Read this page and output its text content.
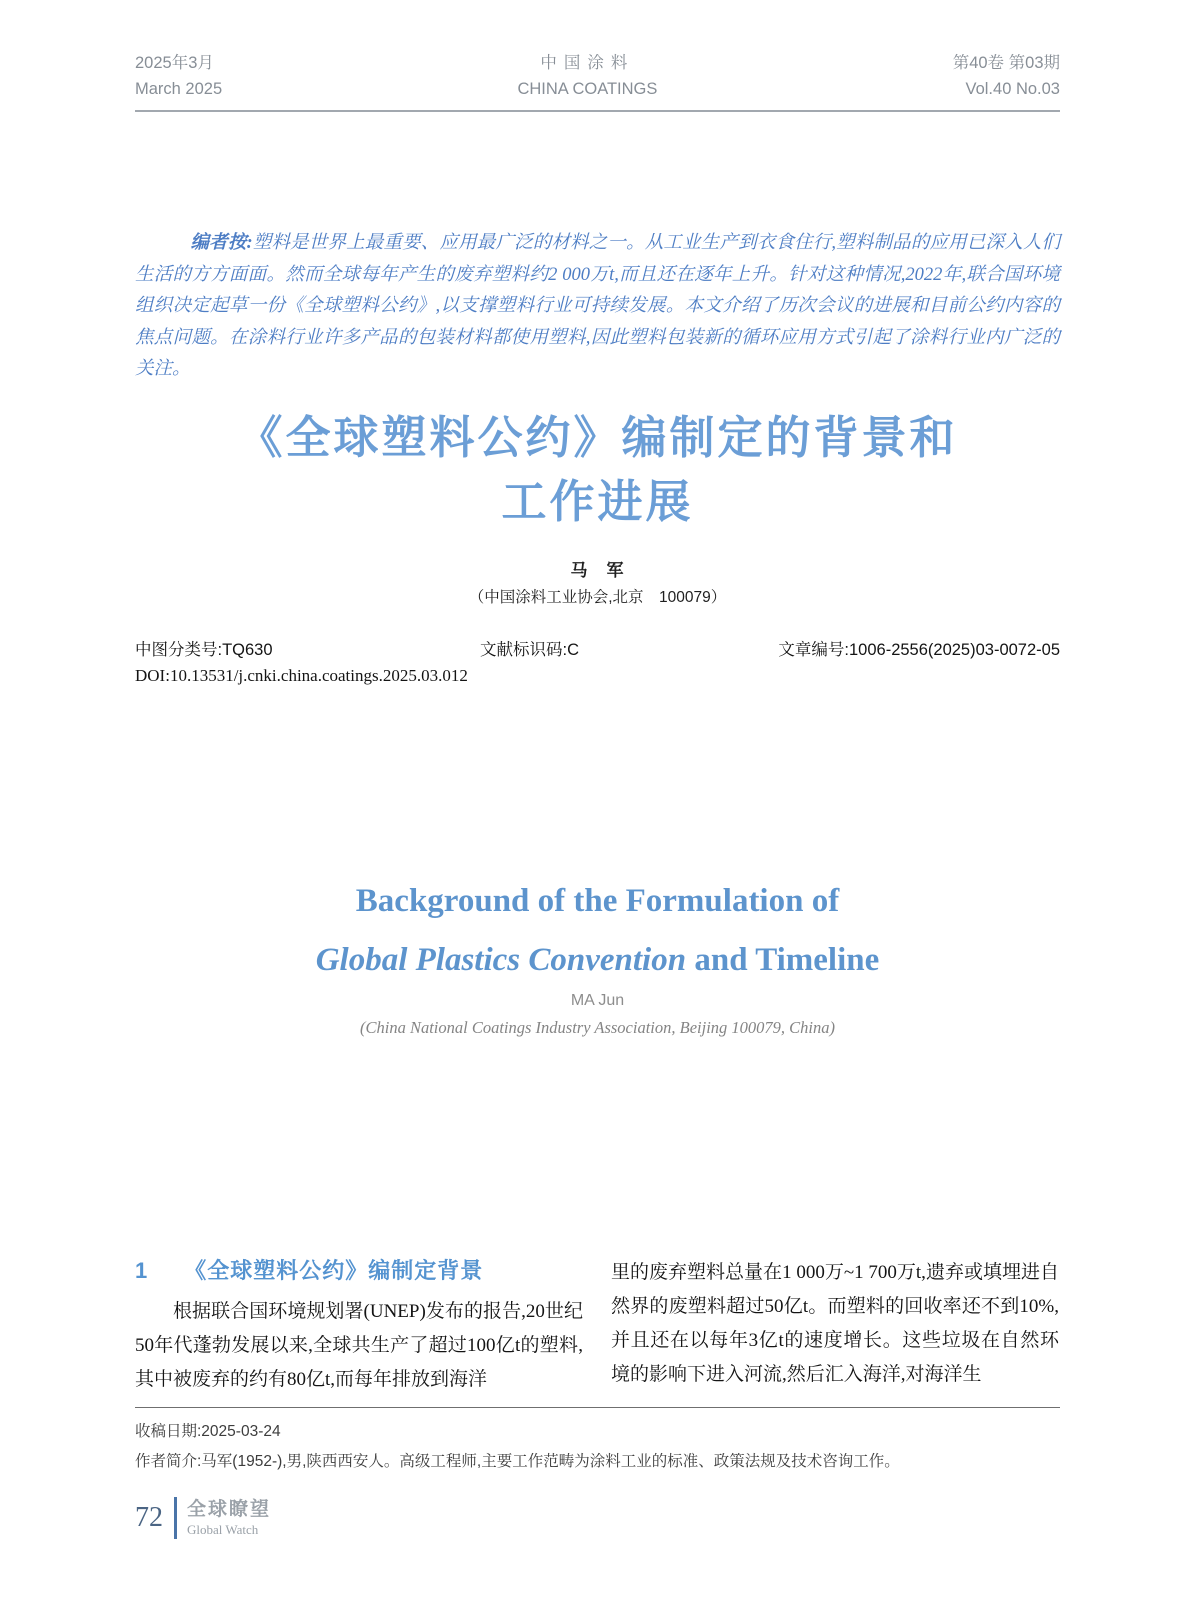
2025年3月
March 2025
中国涂料
CHINA COATINGS
第40卷 第03期
Vol.40 No.03

编者按:塑料是世界上最重要、应用最广泛的材料之一。从工业生产到衣食住行,塑料制品的应用已深入人们生活的方方面面。然而全球每年产生的废弃塑料约2 000万t,而且还在逐年上升。针对这种情况,2022年,联合国环境组织决定起草一份《全球塑料公约》,以支撑塑料行业可持续发展。本文介绍了历次会议的进展和目前公约内容的焦点问题。在涂料行业许多产品的包装材料都使用塑料,因此塑料包装新的循环应用方式引起了涂料行业内广泛的关注。

《全球塑料公约》编制定的背景和
工作进展
马　军
（中国涂料工业协会,北京　100079）
中图分类号:TQ630	文献标识码:C	文章编号:1006-2556(2025)03-0072-05
DOI:10.13531/j.cnki.china.coatings.2025.03.012
Background of the Formulation of
Global Plastics Convention and Timeline
MA Jun
(China National Coatings Industry Association, Beijing 100079, China)
1 《全球塑料公约》编制定背景

根据联合国环境规划署(UNEP)发布的报告,20世纪50年代蓬勃发展以来,全球共生产了超过100亿t的塑料,其中被废弃的约有80亿t,而每年排放到海洋

里的废弃塑料总量在1 000万~1 700万t,遗弃或填埋进自然界的废塑料超过50亿t。而塑料的回收率还不到10%,并且还在以每年3亿t的速度增长。这些垃圾在自然环境的影响下进入河流,然后汇入海洋,对海洋生

收稿日期:2025-03-24
作者简介:马军(1952-),男,陕西西安人。高级工程师,主要工作范畴为涂料工业的标准、政策法规及技术咨询工作。
72 全球瞭望
Global Watch
